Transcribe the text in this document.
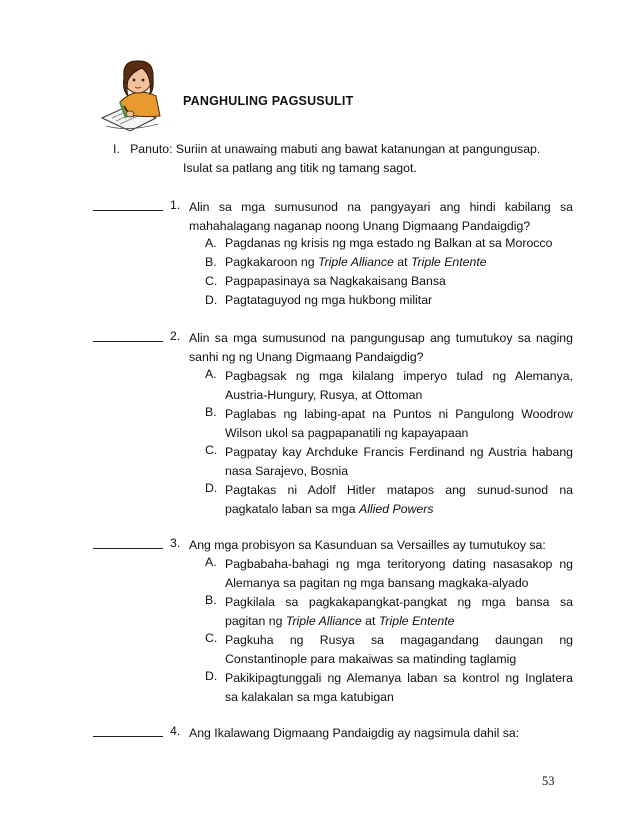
PANGHULING PAGSUSULIT
I. Panuto: Suriin at unawaing mabuti ang bawat katanungan at pangungusap.
Isulat sa patlang ang titik ng tamang sagot.
1. Alin sa mga sumusunod na pangyayari ang hindi kabilang sa
mahahalagang naganap noong Unang Digmaang Pandaigdig?
A. Pagdanas ng krisis ng mga estado ng Balkan at sa Morocco
B. Pagkakaroon ng Triple Alliance at Triple Entente
C. Pagpapasinaya sa Nagkakaisang Bansa
D. Pagtataguyod ng mga hukbong militar
2. Alin sa mga sumusunod na pangungusap ang tumutukoy sa naging
sanhi ng ng Unang Digmaang Pandaigdig?
A. Pagbagsak ng mga kilalang imperyo tulad ng Alemanya,
Austria-Hungury, Rusya, at Ottoman
B. Paglabas ng labing-apat na Puntos ni Pangulong Woodrow
Wilson ukol sa pagpapanatili ng kapayapaan
C. Pagpatay kay Archduke Francis Ferdinand ng Austria habang
nasa Sarajevo, Bosnia
D. Pagtakas ni Adolf Hitler matapos ang sunud-sunod na
pagkatalo laban sa mga Allied Powers
3. Ang mga probisyon sa Kasunduan sa Versailles ay tumutukoy sa:
A. Pagbabaha-bahagi ng mga teritoryong dating nasasakop ng
Alemanya sa pagitan ng mga bansang magkaka-alyado
B. Pagkilala sa pagkakapangkat-pangkat ng mga bansa sa
pagitan ng Triple Alliance at Triple Entente
C. Pagkuha ng Rusya sa magagandang daungan ng
Constantinople para makaiwas sa matinding taglamig
D. Pakikipagtunggali ng Alemanya laban sa kontrol ng Inglatera
sa kalakalan sa mga katubigan
4. Ang Ikalawang Digmaang Pandaigdig ay nagsimula dahil sa:
53
